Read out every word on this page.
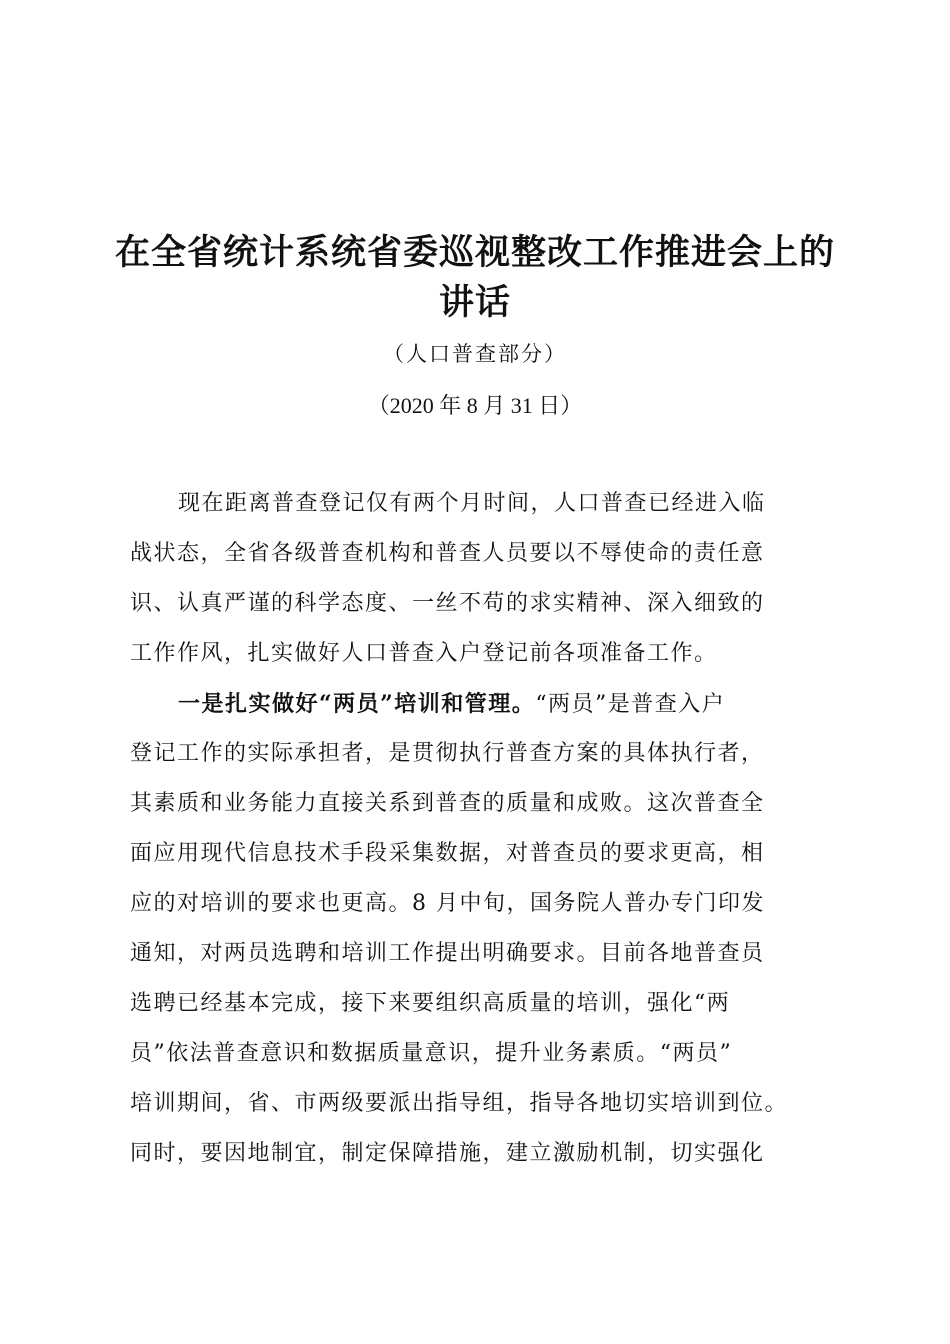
在全省统计系统省委巡视整改工作推进会上的
讲话
（人口普查部分）
（2020 年 8 月 31 日）
现在距离普查登记仅有两个月时间，人口普查已经进入临
战状态，全省各级普查机构和普查人员要以不辱使命的责任意
识、认真严谨的科学态度、一丝不苟的求实精神、深入细致的
工作作风，扎实做好人口普查入户登记前各项准备工作。
一是扎实做好“两员”培训和管理。“两员”是普查入户
登记工作的实际承担者，是贯彻执行普查方案的具体执行者，
其素质和业务能力直接关系到普查的质量和成败。这次普查全
面应用现代信息技术手段采集数据，对普查员的要求更高，相
应的对培训的要求也更高。8 月中旬，国务院人普办专门印发
通知，对两员选聘和培训工作提出明确要求。目前各地普查员
选聘已经基本完成，接下来要组织高质量的培训，强化“两
员”依法普查意识和数据质量意识，提升业务素质。“两员”
培训期间，省、市两级要派出指导组，指导各地切实培训到位。
同时，要因地制宜，制定保障措施，建立激励机制，切实强化
